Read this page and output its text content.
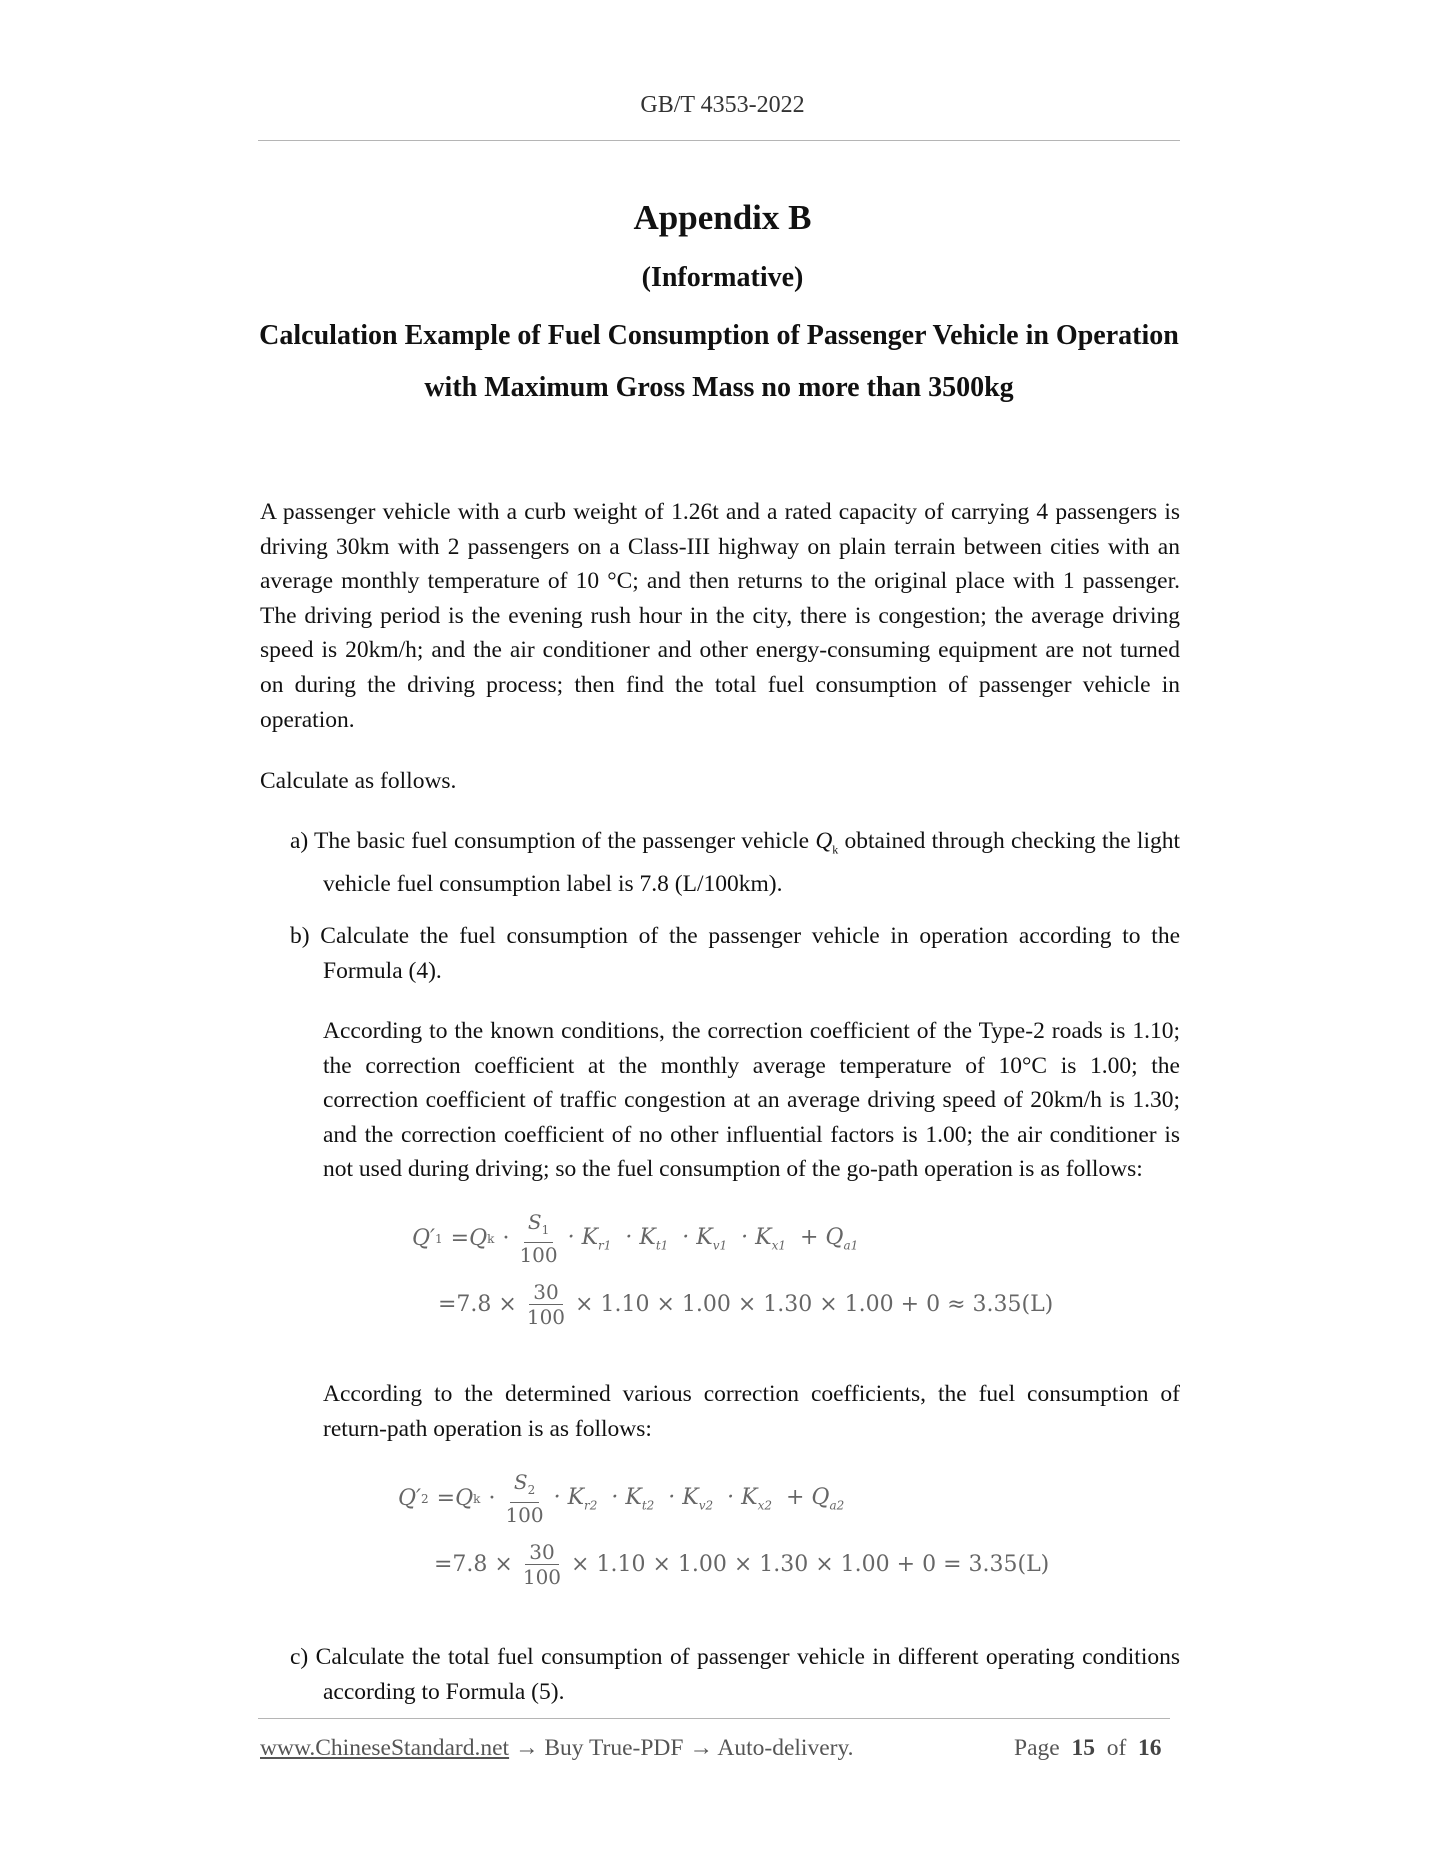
GB/T 4353-2022
Appendix B
(Informative)
Calculation Example of Fuel Consumption of Passenger Vehicle in Operation with Maximum Gross Mass no more than 3500kg
A passenger vehicle with a curb weight of 1.26t and a rated capacity of carrying 4 passengers is driving 30km with 2 passengers on a Class-III highway on plain terrain between cities with an average monthly temperature of 10 °C; and then returns to the original place with 1 passenger. The driving period is the evening rush hour in the city, there is congestion; the average driving speed is 20km/h; and the air conditioner and other energy-consuming equipment are not turned on during the driving process; then find the total fuel consumption of passenger vehicle in operation.
Calculate as follows.
a) The basic fuel consumption of the passenger vehicle $Q_k$ obtained through checking the light vehicle fuel consumption label is 7.8 (L/100km).
b) Calculate the fuel consumption of the passenger vehicle in operation according to the Formula (4).
According to the known conditions, the correction coefficient of the Type-2 roads is 1.10; the correction coefficient at the monthly average temperature of 10°C is 1.00; the correction coefficient of traffic congestion at an average driving speed of 20km/h is 1.30; and the correction coefficient of no other influential factors is 1.00; the air conditioner is not used during driving; so the fuel consumption of the go-path operation is as follows:
Q′ 1 =Q $k \cdot \frac{S_1}{100} \cdot K_{r1} \cdot K_{t1} \cdot K_{v1} \cdot K_{x1} + Q_{a1}$
$=7.8 \times \frac{30}{100} \times 1.10 \times 1.00 \times 1.30 \times 1.00 + 0 \approx 3.35(L)$
According to the determined various correction coefficients, the fuel consumption of return-path operation is as follows:
Q′ 2 =Q $k \cdot \frac{S_2}{100} \cdot K_{r2} \cdot K_{t2} \cdot K_{v2} \cdot K_{x2} + Q_{a2}$
$=7.8 \times \frac{30}{100} \times 1.10 \times 1.00 \times 1.30 \times 1.00 + 0 = 3.35(L)$
c) Calculate the total fuel consumption of passenger vehicle in different operating conditions according to Formula (5).
www.ChineseStandard.net → Buy True-PDF → Auto-delivery.	Page 15 of 16
